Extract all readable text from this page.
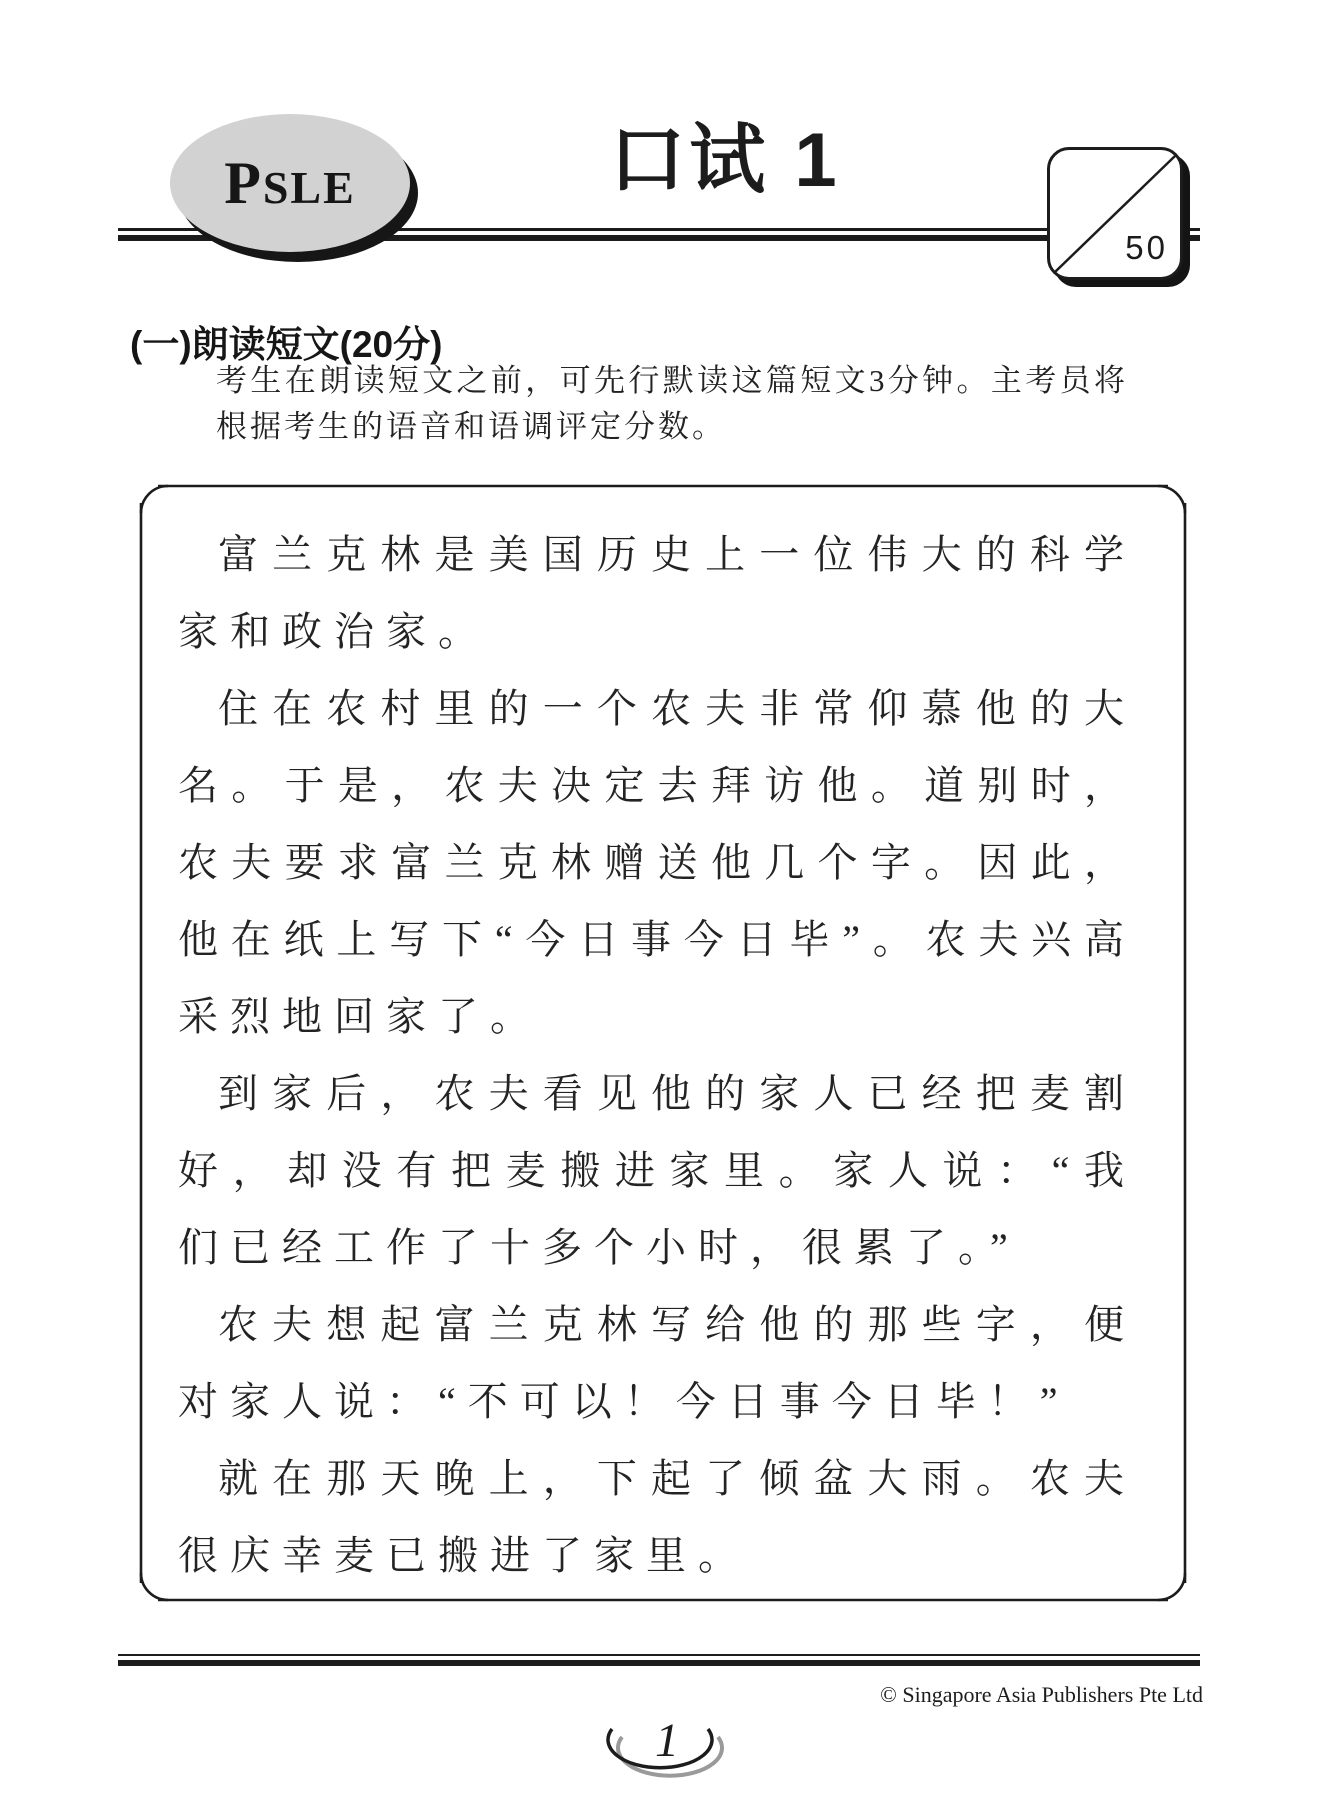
PSLE	口试 1
50
(一)朗读短文(20分)
考生在朗读短文之前，可先行默读这篇短文3分钟。主考员将根据考生的语音和语调评定分数。

富兰克林是美国历史上一位伟大的科学家和政治家。

住在农村里的一个农夫非常仰慕他的大名。于是，农夫决定去拜访他。道别时，农夫要求富兰克林赠送他几个字。因此，他在纸上写下“今日事今日毕”。农夫兴高采烈地回家了。

到家后，农夫看见他的家人已经把麦割好，却没有把麦搬进家里。家人说：“我们已经工作了十多个小时，很累了。”

农夫想起富兰克林写给他的那些字，便对家人说：“不可以！今日事今日毕！”

就在那天晚上，下起了倾盆大雨。农夫很庆幸麦已搬进了家里。

© Singapore Asia Publishers Pte Ltd
1
